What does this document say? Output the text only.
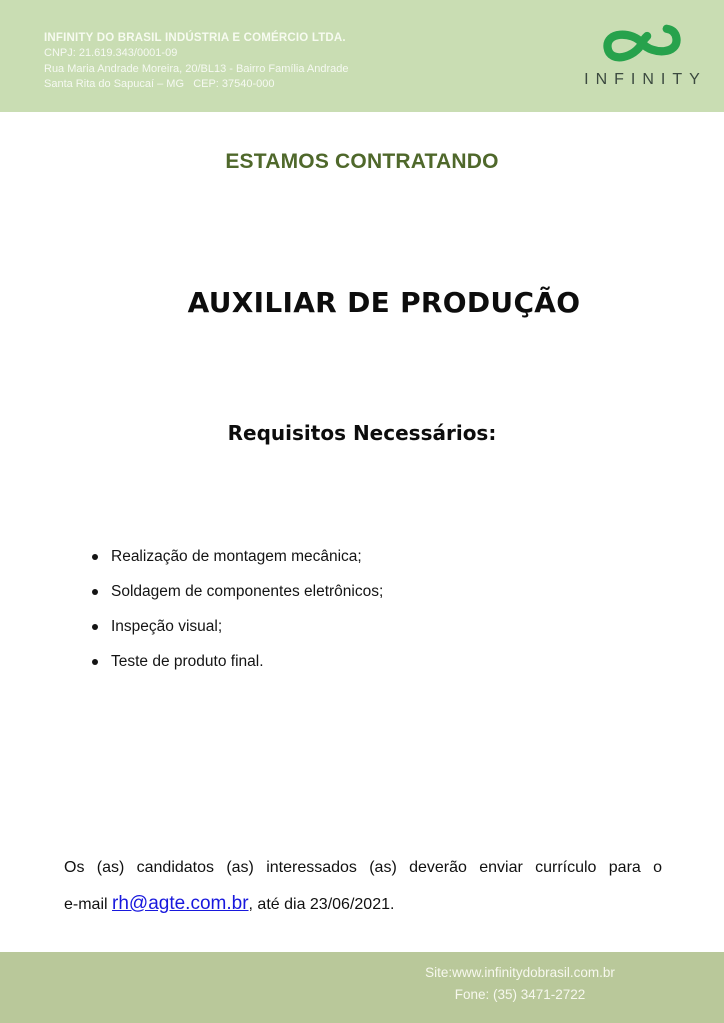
INFINITY DO BRASIL INDÚSTRIA E COMÉRCIO LTDA.
CNPJ: 21.619.343/0001-09
Rua Maria Andrade Moreira, 20/BL13 - Bairro Família Andrade
Santa Rita do Sapucaí – MG   CEP: 37540-000	INFINITY
ESTAMOS CONTRATANDO
AUXILIAR DE PRODUÇÃO
Requisitos Necessários:
Realização de montagem mecânica;
Soldagem de componentes eletrônicos;
Inspeção visual;
Teste de produto final.
Os (as) candidatos (as) interessados (as) deverão enviar currículo para o
e-mail rh@agte.com.br, até dia 23/06/2021.
Site:www.infinitydobrasil.com.br
Fone: (35) 3471-2722
